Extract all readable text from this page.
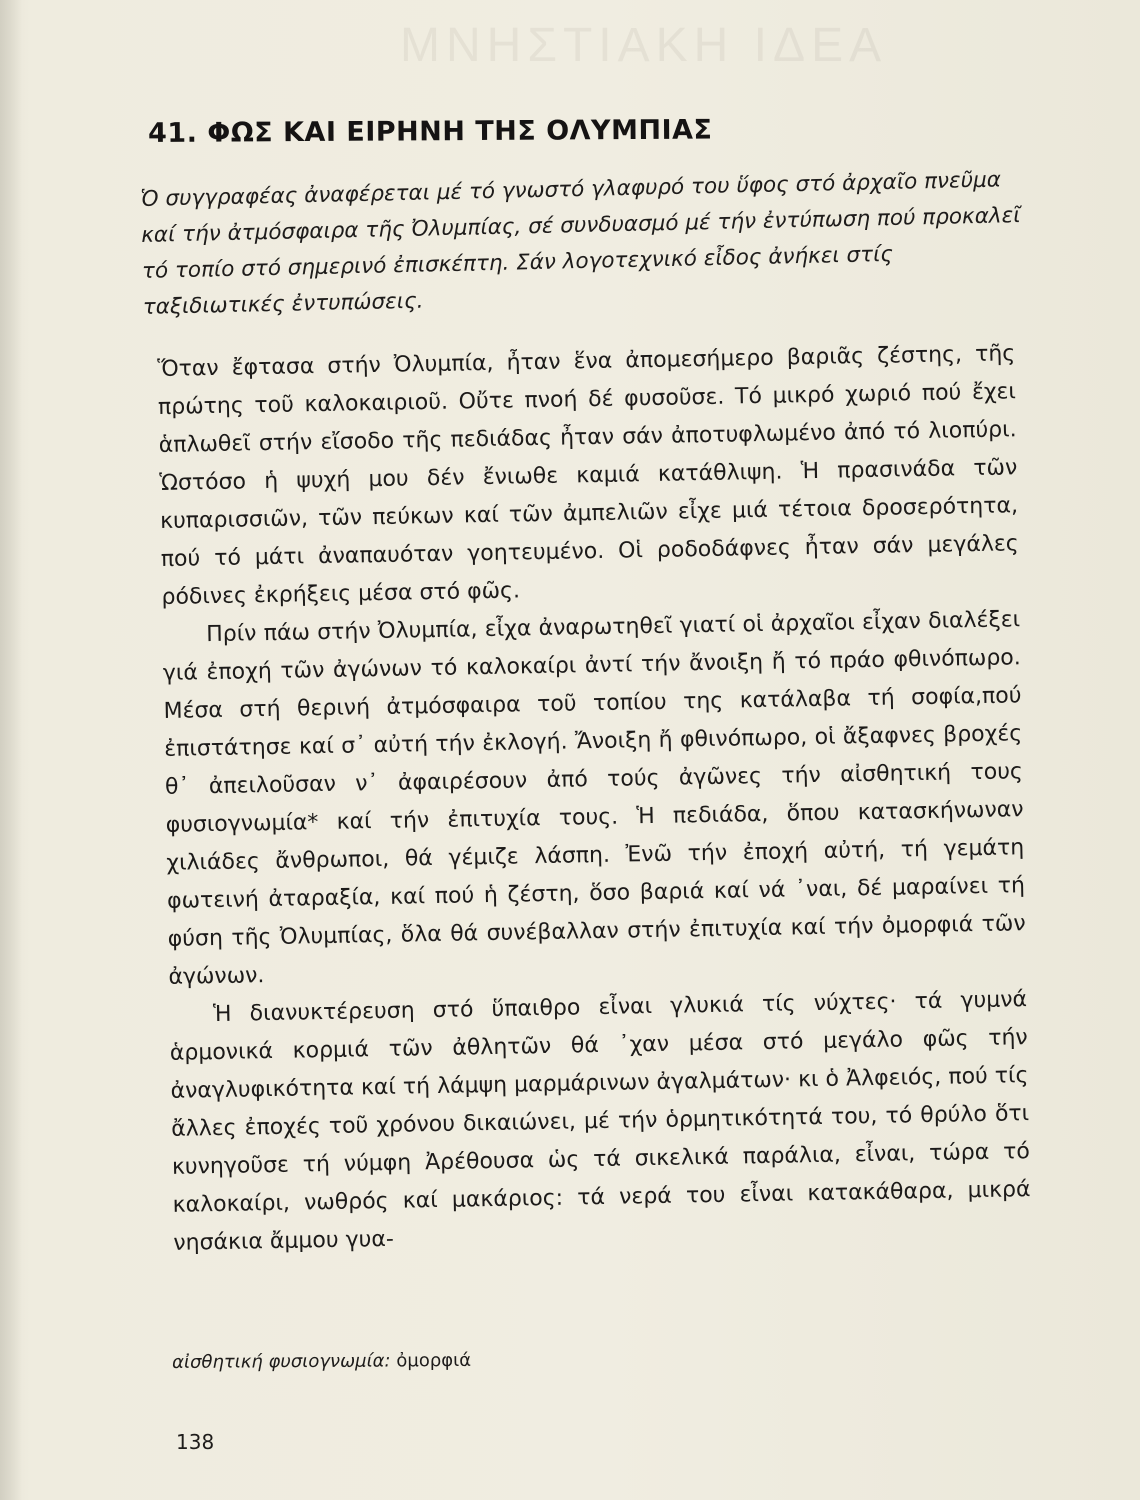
ΜΝΗΣΤΙΑΚΗ ΙΔΕΑ
41. ΦΩΣ ΚΑΙ ΕΙΡΗΝΗ ΤΗΣ ΟΛΥΜΠΙΑΣ

Ὁ συγγραφέας ἀναφέρεται μέ τό γνωστό γλαφυρό του ὕφος στό ἀρχαῖο πνεῦμα καί τήν ἀτμόσφαιρα τῆς Ὀλυμπίας, σέ συνδυασμό μέ τήν ἐντύπωση πού προκαλεῖ τό τοπίο στό σημερινό ἐπισκέπτη. Σάν λογοτεχνικό εἶδος ἀνήκει στίς ταξιδιωτικές ἐντυπώσεις.

Ὅταν ἔφτασα στήν Ὀλυμπία, ἦταν ἕνα ἀπομεσήμερο βαριᾶς ζέστης, τῆς πρώτης τοῦ καλοκαιριοῦ. Οὔτε πνοή δέ φυσοῦσε. Τό μικρό χωριό πού ἔχει ἁπλωθεῖ στήν εἴσοδο τῆς πεδιάδας ἦταν σάν ἀποτυφλωμένο ἀπό τό λιοπύρι. Ὡστόσο ἡ ψυχή μου δέν ἔνιωθε καμιά κατάθλιψη. Ἡ πρασινάδα τῶν κυπαρισσιῶν, τῶν πεύκων καί τῶν ἀμπελιῶν εἶχε μιά τέτοια δροσερότητα, πού τό μάτι ἀναπαυόταν γοητευμένο. Οἱ ροδοδάφνες ἦταν σάν μεγάλες ρόδινες ἐκρήξεις μέσα στό φῶς.

Πρίν πάω στήν Ὀλυμπία, εἶχα ἀναρωτηθεῖ γιατί οἱ ἀρχαῖοι εἶχαν διαλέξει γιά ἐποχή τῶν ἀγώνων τό καλοκαίρι ἀντί τήν ἄνοιξη ἤ τό πράο φθινόπωρο. Μέσα στή θερινή ἀτμόσφαιρα τοῦ τοπίου της κατάλαβα τή σοφία,πού ἐπιστάτησε καί σ᾽ αὐτή τήν ἐκλογή. Ἄνοιξη ἤ φθινόπωρο, οἱ ἄξαφνες βροχές θ᾽ ἀπειλοῦσαν ν᾽ ἀφαιρέσουν ἀπό τούς ἀγῶνες τήν αἰσθητική τους φυσιογνωμία* καί τήν ἐπιτυχία τους. Ἡ πεδιάδα, ὅπου κατασκήνωναν χιλιάδες ἄνθρωποι, θά γέμιζε λάσπη. Ἐνῶ τήν ἐποχή αὐτή, τή γεμάτη φωτεινή ἀταραξία, καί πού ἡ ζέστη, ὅσο βαριά καί νά ᾽ναι, δέ μαραίνει τή φύση τῆς Ὀλυμπίας, ὅλα θά συνέβαλλαν στήν ἐπιτυχία καί τήν ὀμορφιά τῶν ἀγώνων.

Ἡ διανυκτέρευση στό ὕπαιθρο εἶναι γλυκιά τίς νύχτες· τά γυμνά ἁρμονικά κορμιά τῶν ἀθλητῶν θά ᾽χαν μέσα στό μεγάλο φῶς τήν ἀναγλυφικότητα καί τή λάμψη μαρμάρινων ἀγαλμάτων· κι ὁ Ἀλφειός, πού τίς ἄλλες ἐποχές τοῦ χρόνου δικαιώνει, μέ τήν ὁρμητικότητά του, τό θρύλο ὅτι κυνηγοῦσε τή νύμφη Ἀρέθουσα ὡς τά σικελικά παράλια, εἶναι, τώρα τό καλοκαίρι, νωθρός καί μακάριος: τά νερά του εἶναι κατακάθαρα, μικρά νησάκια ἄμμου γυα-

αἰσθητική φυσιογνωμία: ὀμορφιά
138
